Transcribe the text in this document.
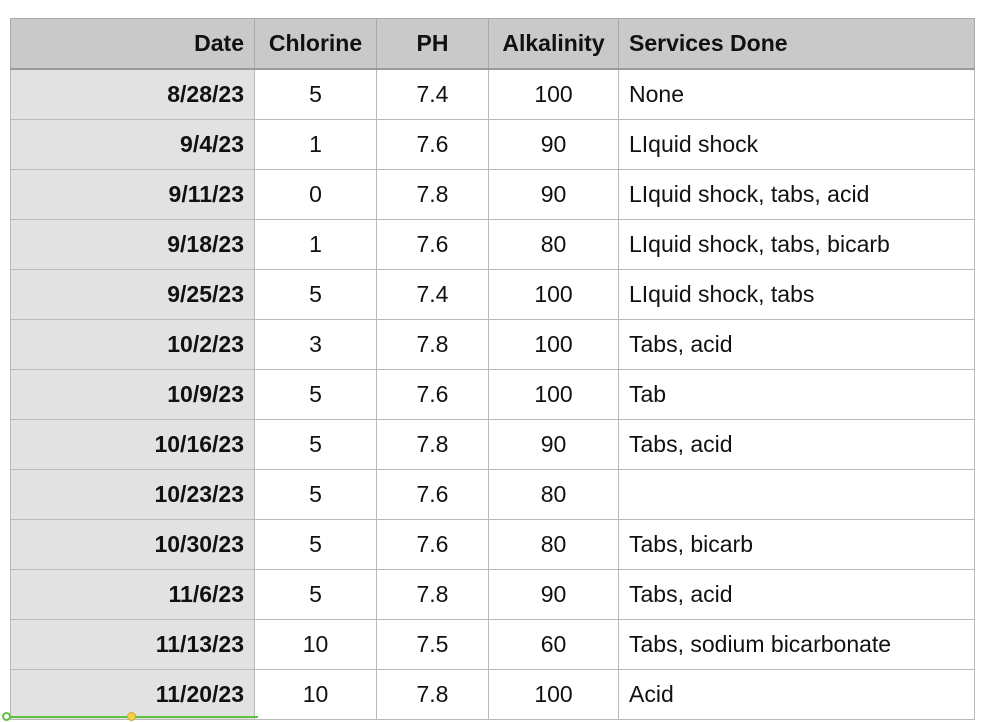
Date	Chlorine	PH	Alkalinity	Services Done
8/28/23	5	7.4	100	None
9/4/23	1	7.6	90	LIquid shock
9/11/23	0	7.8	90	LIquid shock, tabs, acid
9/18/23	1	7.6	80	LIquid shock, tabs, bicarb
9/25/23	5	7.4	100	LIquid shock, tabs
10/2/23	3	7.8	100	Tabs, acid
10/9/23	5	7.6	100	Tab
10/16/23	5	7.8	90	Tabs, acid
10/23/23	5	7.6	80	
10/30/23	5	7.6	80	Tabs, bicarb
11/6/23	5	7.8	90	Tabs, acid
11/13/23	10	7.5	60	Tabs, sodium bicarbonate
11/20/23	10	7.8	100	Acid
